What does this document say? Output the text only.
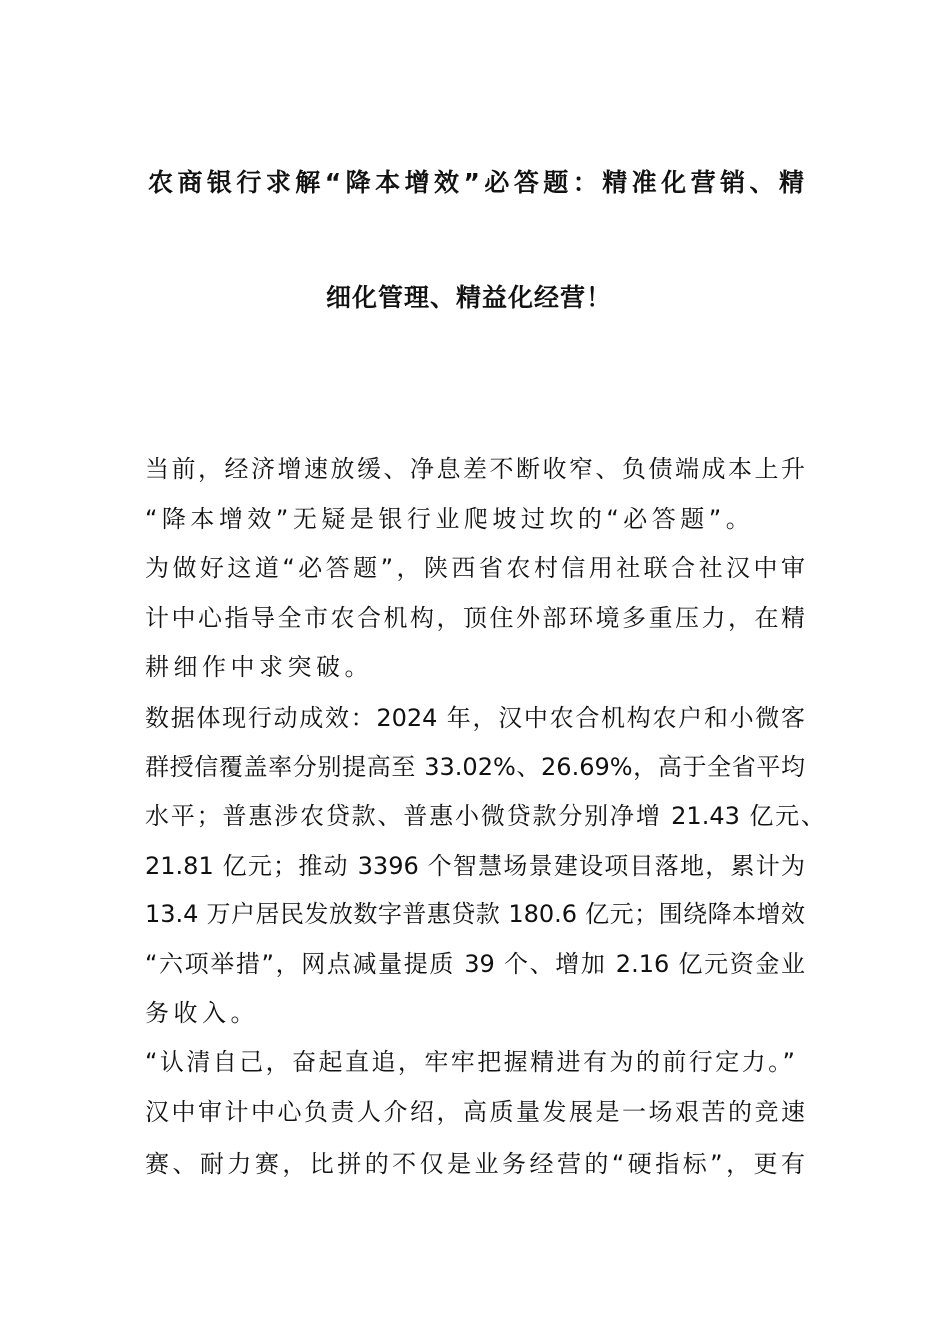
农商银行求解“降本增效”必答题：精准化营销、精
细化管理、精益化经营！
当前，经济增速放缓、净息差不断收窄、负债端成本上升
“降本增效”无疑是银行业爬坡过坎的“必答题”。
为做好这道“必答题”，陕西省农村信用社联合社汉中审
计中心指导全市农合机构，顶住外部环境多重压力，在精
耕细作中求突破。
数据体现行动成效：2024 年，汉中农合机构农户和小微客
群授信覆盖率分别提高至 33.02%、26.69%，高于全省平均
水平；普惠涉农贷款、普惠小微贷款分别净增 21.43 亿元、
21.81 亿元；推动 3396 个智慧场景建设项目落地，累计为
13.4 万户居民发放数字普惠贷款 180.6 亿元；围绕降本增效
“六项举措”，网点减量提质 39 个、增加 2.16 亿元资金业
务收入。
“认清自己，奋起直追，牢牢把握精进有为的前行定力。”
汉中审计中心负责人介绍，高质量发展是一场艰苦的竞速
赛、耐力赛，比拼的不仅是业务经营的“硬指标”，更有
